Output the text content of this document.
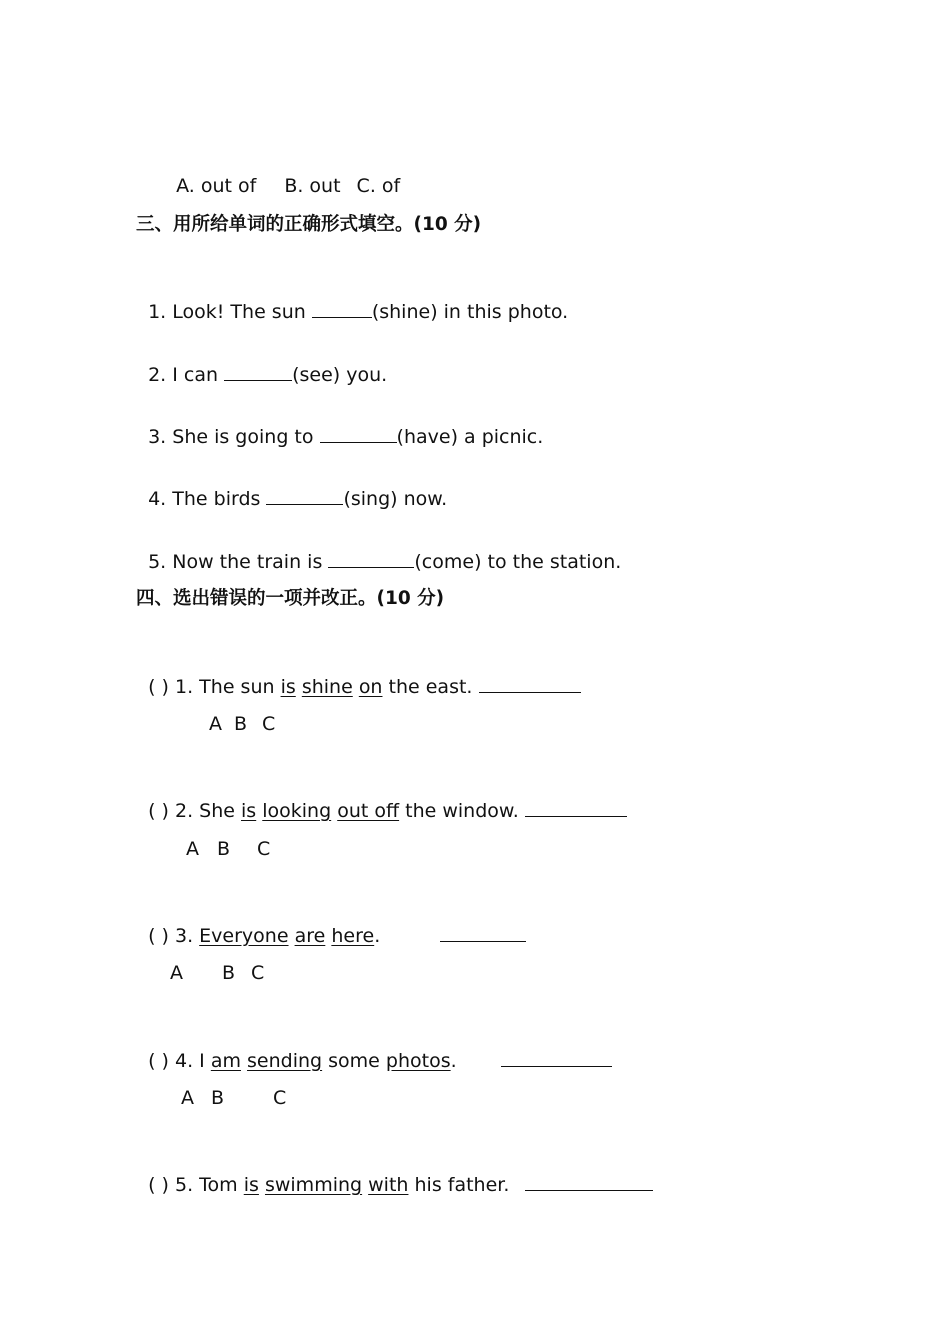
A. out of B. out C. of

三、用所给单词的正确形式填空。(10 分)

1. Look! The sun	(shine) in this photo.

2. I can	(see) you.

3. She is going to	(have) a picnic.

4. The birds	(sing) now.

5. Now the train is	(come) to the station.

四、选出错误的一项并改正。(10 分)

( ) 1. The sun is shine on the east.

A

B

C

( ) 2. She is looking out off the window.

A

B

C

( ) 3. Everyone are here.

A

B

C

( ) 4. I am sending some photos.

A

B

	C

( ) 5. Tom is swimming with his father.
